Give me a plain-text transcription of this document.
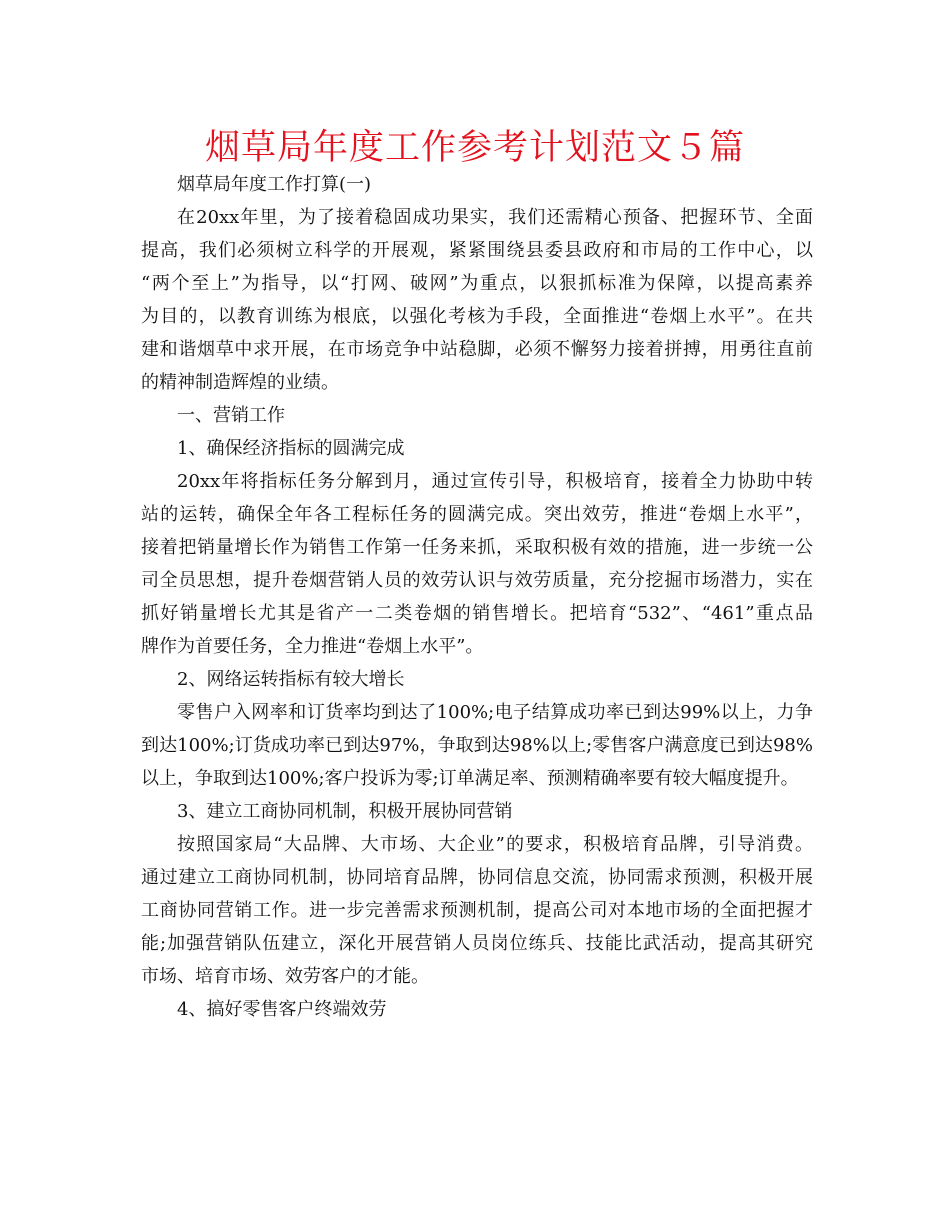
烟草局年度工作参考计划范文５篇
烟草局年度工作打算(一)
在20xx年里，为了接着稳固成功果实，我们还需精心预备、把握环节、全面
提高，我们必须树立科学的开展观，紧紧围绕县委县政府和市局的工作中心，以
“两个至上”为指导，以“打网、破网”为重点，以狠抓标准为保障，以提高素养
为目的，以教育训练为根底，以强化考核为手段，全面推进“卷烟上水平”。在共
建和谐烟草中求开展，在市场竞争中站稳脚，必须不懈努力接着拼搏，用勇往直前
的精神制造辉煌的业绩。
一、营销工作
1、确保经济指标的圆满完成
20xx年将指标任务分解到月，通过宣传引导，积极培育，接着全力协助中转
站的运转，确保全年各工程标任务的圆满完成。突出效劳，推进“卷烟上水平”，
接着把销量增长作为销售工作第一任务来抓，采取积极有效的措施，进一步统一公
司全员思想，提升卷烟营销人员的效劳认识与效劳质量，充分挖掘市场潜力，实在
抓好销量增长尤其是省产一二类卷烟的销售增长。把培育“532”、“461”重点品
牌作为首要任务，全力推进“卷烟上水平”。
2、网络运转指标有较大增长
零售户入网率和订货率均到达了100%;电子结算成功率已到达99%以上，力争
到达100%;订货成功率已到达97%，争取到达98%以上;零售客户满意度已到达98%
以上，争取到达100%;客户投诉为零;订单满足率、预测精确率要有较大幅度提升。
3、建立工商协同机制，积极开展协同营销
按照国家局“大品牌、大市场、大企业”的要求，积极培育品牌，引导消费。
通过建立工商协同机制，协同培育品牌，协同信息交流，协同需求预测，积极开展
工商协同营销工作。进一步完善需求预测机制，提高公司对本地市场的全面把握才
能;加强营销队伍建立，深化开展营销人员岗位练兵、技能比武活动，提高其研究
市场、培育市场、效劳客户的才能。
4、搞好零售客户终端效劳
